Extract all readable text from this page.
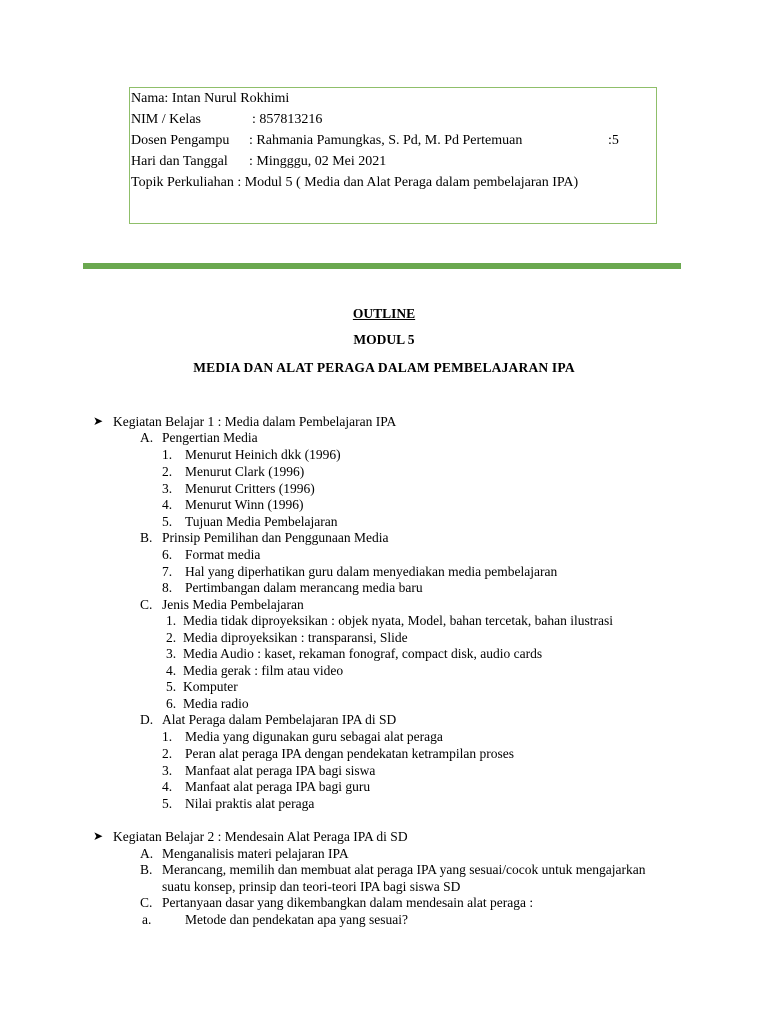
Nama: Intan Nurul Rokhimi
NIM / Kelas	: 857813216
Dosen Pengampu : Rahmania Pamungkas, S. Pd, M. Pd Pertemuan	:5
Hari dan Tanggal : Mingggu, 02 Mei 2021
Topik Perkuliahan : Modul 5 ( Media dan Alat Peraga dalam pembelajaran IPA)
OUTLINE
MODUL 5
MEDIA DAN ALAT PERAGA DALAM PEMBELAJARAN IPA
➤ Kegiatan Belajar 1 : Media dalam Pembelajaran IPA
A. Pengertian Media
1. Menurut Heinich dkk (1996)
2. Menurut Clark (1996)
3. Menurut Critters (1996)
4. Menurut Winn (1996)
5. Tujuan Media Pembelajaran
B. Prinsip Pemilihan dan Penggunaan Media
6. Format media
7. Hal yang diperhatikan guru dalam menyediakan media pembelajaran
8. Pertimbangan dalam merancang media baru
C. Jenis Media Pembelajaran
1. Media tidak diproyeksikan : objek nyata, Model, bahan tercetak, bahan ilustrasi
2. Media diproyeksikan : transparansi, Slide
3. Media Audio : kaset, rekaman fonograf, compact disk, audio cards
4. Media gerak : film atau video
5. Komputer
6. Media radio
D. Alat Peraga dalam Pembelajaran IPA di SD
1. Media yang digunakan guru sebagai alat peraga
2. Peran alat peraga IPA dengan pendekatan ketrampilan proses
3. Manfaat alat peraga IPA bagi siswa
4. Manfaat alat peraga IPA bagi guru
5. Nilai praktis alat peraga
➤ Kegiatan Belajar 2 : Mendesain Alat Peraga IPA di SD
A. Menganalisis materi pelajaran IPA
B. Merancang, memilih dan membuat alat peraga IPA yang sesuai/cocok untuk mengajarkan
suatu konsep, prinsip dan teori-teori IPA bagi siswa SD
C. Pertanyaan dasar yang dikembangkan dalam mendesain alat peraga :
a. Metode dan pendekatan apa yang sesuai?
